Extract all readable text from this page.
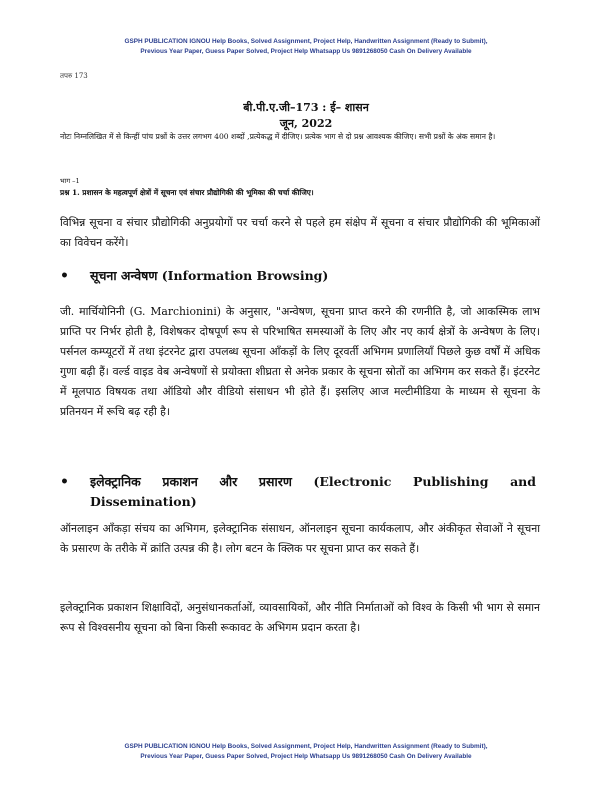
GSPH PUBLICATION IGNOU Help Books, Solved Assignment, Project Help, Handwritten Assignment (Ready to Submit),
Previous Year Paper, Guess Paper Solved, Project Help Whatsapp Us 9891268050 Cash On Delivery Available
तपरु 173
बी.पी.ए.जी–173 : ई– शासन
जून, 2022
नोटः निम्नलिखित में से किन्हीं पांच प्रश्नों के उत्तर लगभग 400 शब्दों ,प्रत्येकद्ध में दीजिए। प्रत्येक भाग से दो प्रश्न आवश्यक कीजिए। सभी प्रश्नों के अंक समान है।
भाग –1
प्रश्न 1. प्रशासन के महत्वपूर्ण क्षेत्रों में सूचना एवं संचार प्रौद्योगिकी की भूमिका की चर्चा कीजिए।
विभिन्न सूचना व संचार प्रौद्योगिकी अनुप्रयोगों पर चर्चा करने से पहले हम संक्षेप में सूचना व संचार प्रौद्योगिकी की भूमिकाओं का विवेचन करेंगे।
• सूचना अन्वेषण (Information Browsing)
जी. मार्चियोनिनी (G. Marchionini) के अनुसार, "अन्वेषण, सूचना प्राप्त करने की रणनीति है, जो आकस्मिक लाभ प्राप्ति पर निर्भर होती है, विशेषकर दोषपूर्ण रूप से परिभाषित समस्याओं के लिए और नए कार्य क्षेत्रों के अन्वेषण के लिए। पर्सनल कम्प्यूटरों में तथा इंटरनेट द्वारा उपलब्ध सूचना आँकड़ों के लिए दूरवर्ती अभिगम प्रणालियाँ पिछले कुछ वर्षों में अधिक गुणा बढ़ी हैं। वर्ल्ड वाइड वेब अन्वेषणों से प्रयोक्ता शीघ्रता से अनेक प्रकार के सूचना स्रोतों का अभिगम कर सकते हैं। इंटरनेट में मूलपाठ विषयक तथा ऑडियो और वीडियो संसाधन भी होते हैं। इसलिए आज मल्टीमीडिया के माध्यम से सूचना के प्रतिनयन में रूचि बढ़ रही है।
• इलेक्ट्रानिक प्रकाशन और प्रसारण (Electronic Publishing and Dissemination)
ऑनलाइन आँकड़ा संचय का अभिगम, इलेक्ट्रानिक संसाधन, ऑनलाइन सूचना कार्यकलाप, और अंकीकृत सेवाओं ने सूचना के प्रसारण के तरीके में क्रांति उत्पन्न की है। लोग बटन के क्लिक पर सूचना प्राप्त कर सकते हैं।
इलेक्ट्रानिक प्रकाशन शिक्षाविदों, अनुसंधानकर्ताओं, व्यावसायिकों, और नीति निर्माताओं को विश्व के किसी भी भाग से समान रूप से विश्वसनीय सूचना को बिना किसी रूकावट के अभिगम प्रदान करता है।
GSPH PUBLICATION IGNOU Help Books, Solved Assignment, Project Help, Handwritten Assignment (Ready to Submit),
Previous Year Paper, Guess Paper Solved, Project Help Whatsapp Us 9891268050 Cash On Delivery Available
